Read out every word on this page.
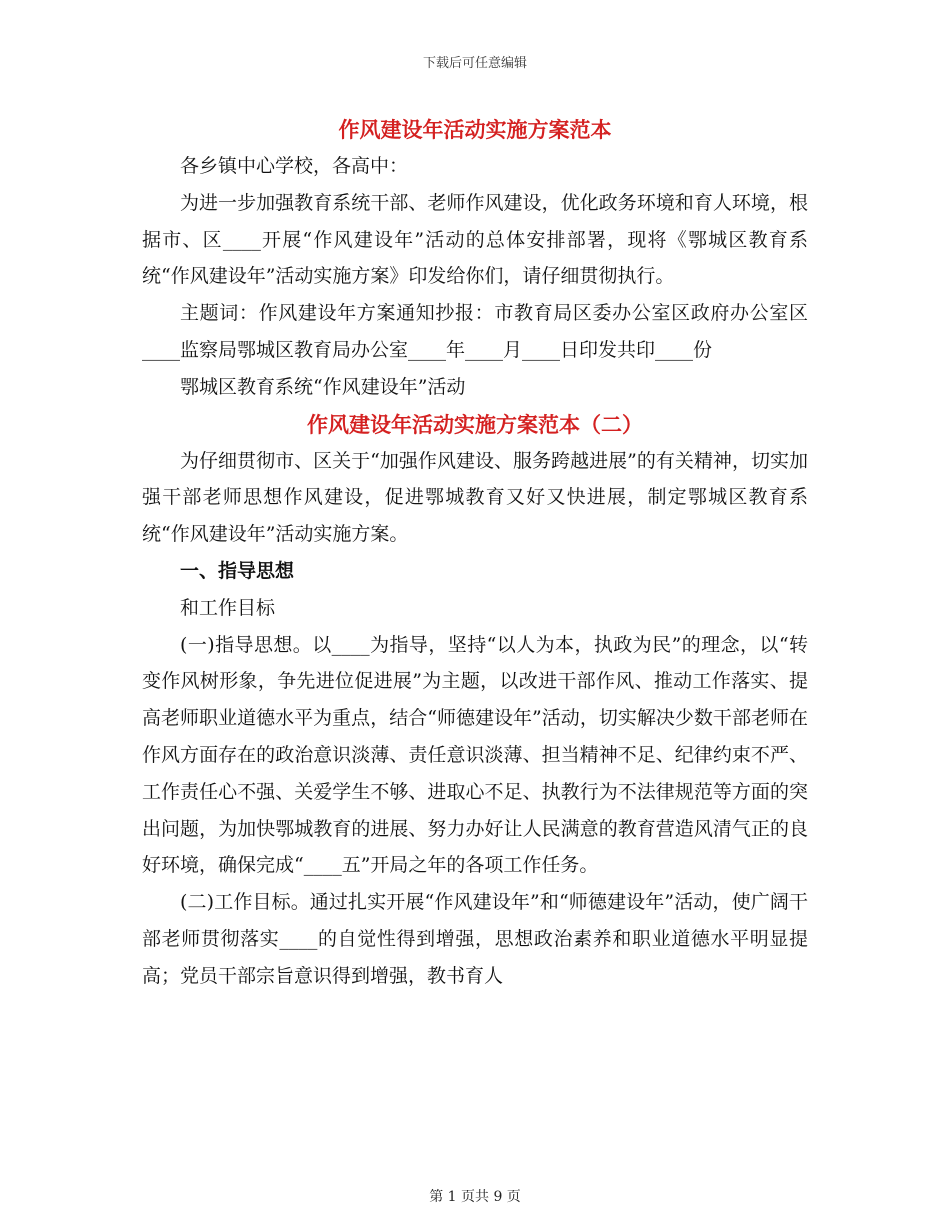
下载后可任意编辑
作风建设年活动实施方案范本

各乡镇中心学校，各高中：

为进一步加强教育系统干部、老师作风建设，优化政务环境和育人环境，根据市、区____开展“作风建设年”活动的总体安排部署，现将《鄂城区教育系统“作风建设年”活动实施方案》印发给你们，请仔细贯彻执行。

主题词：作风建设年方案通知抄报：市教育局区委办公室区政府办公室区____监察局鄂城区教育局办公室____年____月____日印发共印____份

鄂城区教育系统“作风建设年”活动

作风建设年活动实施方案范本（二）

为仔细贯彻市、区关于“加强作风建设、服务跨越进展”的有关精神，切实加强干部老师思想作风建设，促进鄂城教育又好又快进展，制定鄂城区教育系统“作风建设年”活动实施方案。

一、指导思想

和工作目标

(一)指导思想。以____为指导，坚持“以人为本，执政为民”的理念，以“转变作风树形象，争先进位促进展”为主题，以改进干部作风、推动工作落实、提高老师职业道德水平为重点，结合“师德建设年”活动，切实解决少数干部老师在作风方面存在的政治意识淡薄、责任意识淡薄、担当精神不足、纪律约束不严、工作责任心不强、关爱学生不够、进取心不足、执教行为不法律规范等方面的突出问题，为加快鄂城教育的进展、努力办好让人民满意的教育营造风清气正的良好环境，确保完成“____五”开局之年的各项工作任务。

(二)工作目标。通过扎实开展“作风建设年”和“师德建设年”活动，使广阔干部老师贯彻落实____的自觉性得到增强，思想政治素养和职业道德水平明显提高；党员干部宗旨意识得到增强，教书育人

第 1 页共 9 页
